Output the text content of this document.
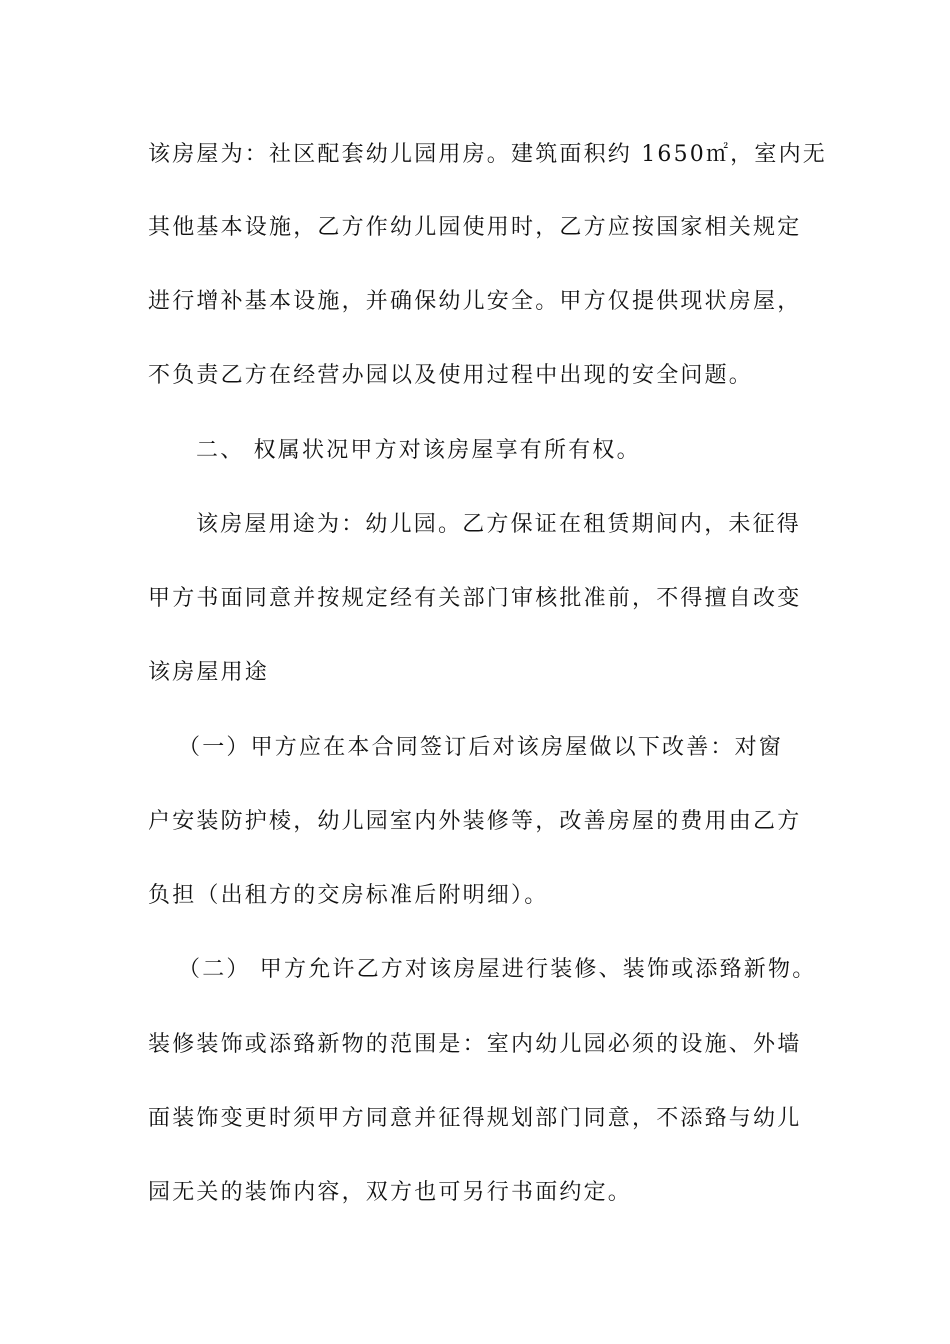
该房屋为：社区配套幼儿园用房。建筑面积约 1650㎡，室内无
其他基本设施，乙方作幼儿园使用时，乙方应按国家相关规定
进行增补基本设施，并确保幼儿安全。甲方仅提供现状房屋，
不负责乙方在经营办园以及使用过程中出现的安全问题。
二、 权属状况甲方对该房屋享有所有权。
该房屋用途为：幼儿园。乙方保证在租赁期间内，未征得
甲方书面同意并按规定经有关部门审核批准前，不得擅自改变
该房屋用途
（一）甲方应在本合同签订后对该房屋做以下改善：对窗
户安装防护棱，幼儿园室内外装修等，改善房屋的费用由乙方
负担（出租方的交房标准后附明细）。
（二） 甲方允许乙方对该房屋进行装修、装饰或添臵新物。
装修装饰或添臵新物的范围是：室内幼儿园必须的设施、外墙
面装饰变更时须甲方同意并征得规划部门同意，不添臵与幼儿
园无关的装饰内容，双方也可另行书面约定。
